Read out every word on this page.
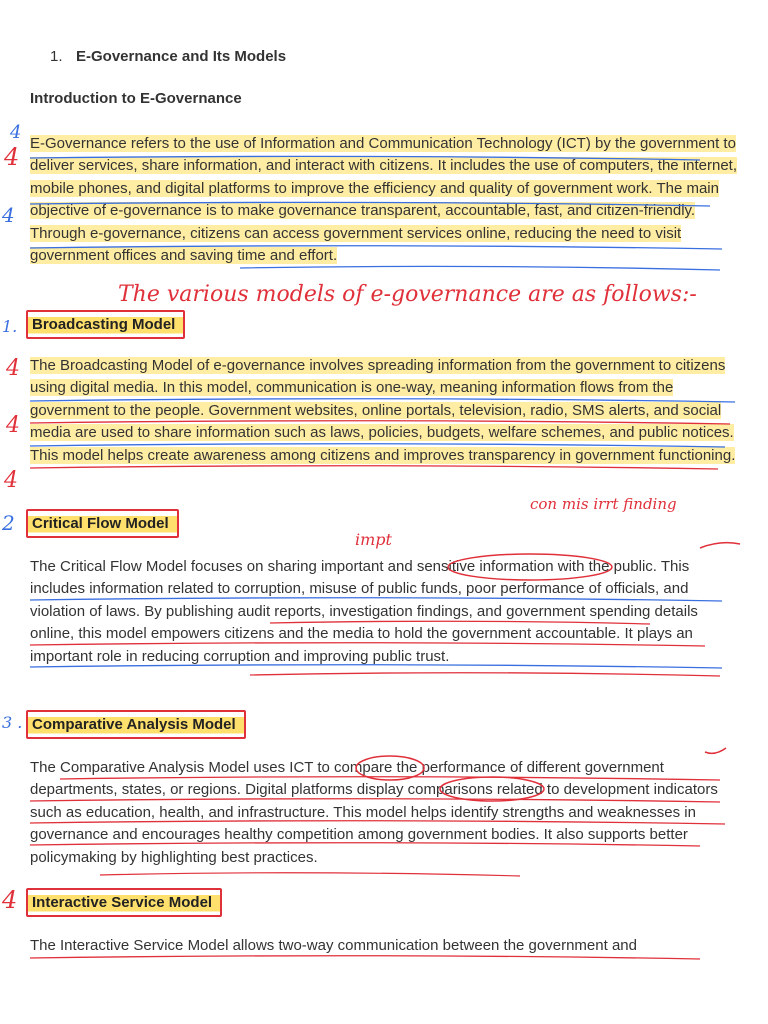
1. E-Governance and Its Models
Introduction to E-Governance
E-Governance refers to the use of Information and Communication Technology (ICT) by the government to deliver services, share information, and interact with citizens. It includes the use of computers, the internet, mobile phones, and digital platforms to improve the efficiency and quality of government work. The main objective of e-governance is to make governance transparent, accountable, fast, and citizen-friendly. Through e-governance, citizens can access government services online, reducing the need to visit government offices and saving time and effort.
The various models of e-governance are as follows:-
Broadcasting Model
The Broadcasting Model of e-governance involves spreading information from the government to citizens using digital media. In this model, communication is one-way, meaning information flows from the government to the people. Government websites, online portals, television, radio, SMS alerts, and social media are used to share information such as laws, policies, budgets, welfare schemes, and public notices. This model helps create awareness among citizens and improves transparency in government functioning.
Critical Flow Model
impt
con mis irrt finding
The Critical Flow Model focuses on sharing important and sensitive information with the public. This includes information related to corruption, misuse of public funds, poor performance of officials, and violation of laws. By publishing audit reports, investigation findings, and government spending details online, this model empowers citizens and the media to hold the government accountable. It plays an important role in reducing corruption and improving public trust.
Comparative Analysis Model
The Comparative Analysis Model uses ICT to compare the performance of different government departments, states, or regions. Digital platforms display comparisons related to development indicators such as education, health, and infrastructure. This model helps identify strengths and weaknesses in governance and encourages healthy competition among government bodies. It also supports better policymaking by highlighting best practices.
Interactive Service Model
The Interactive Service Model allows two-way communication between the government and
4
4
4
1.
4
4
4
2
3 .
4
